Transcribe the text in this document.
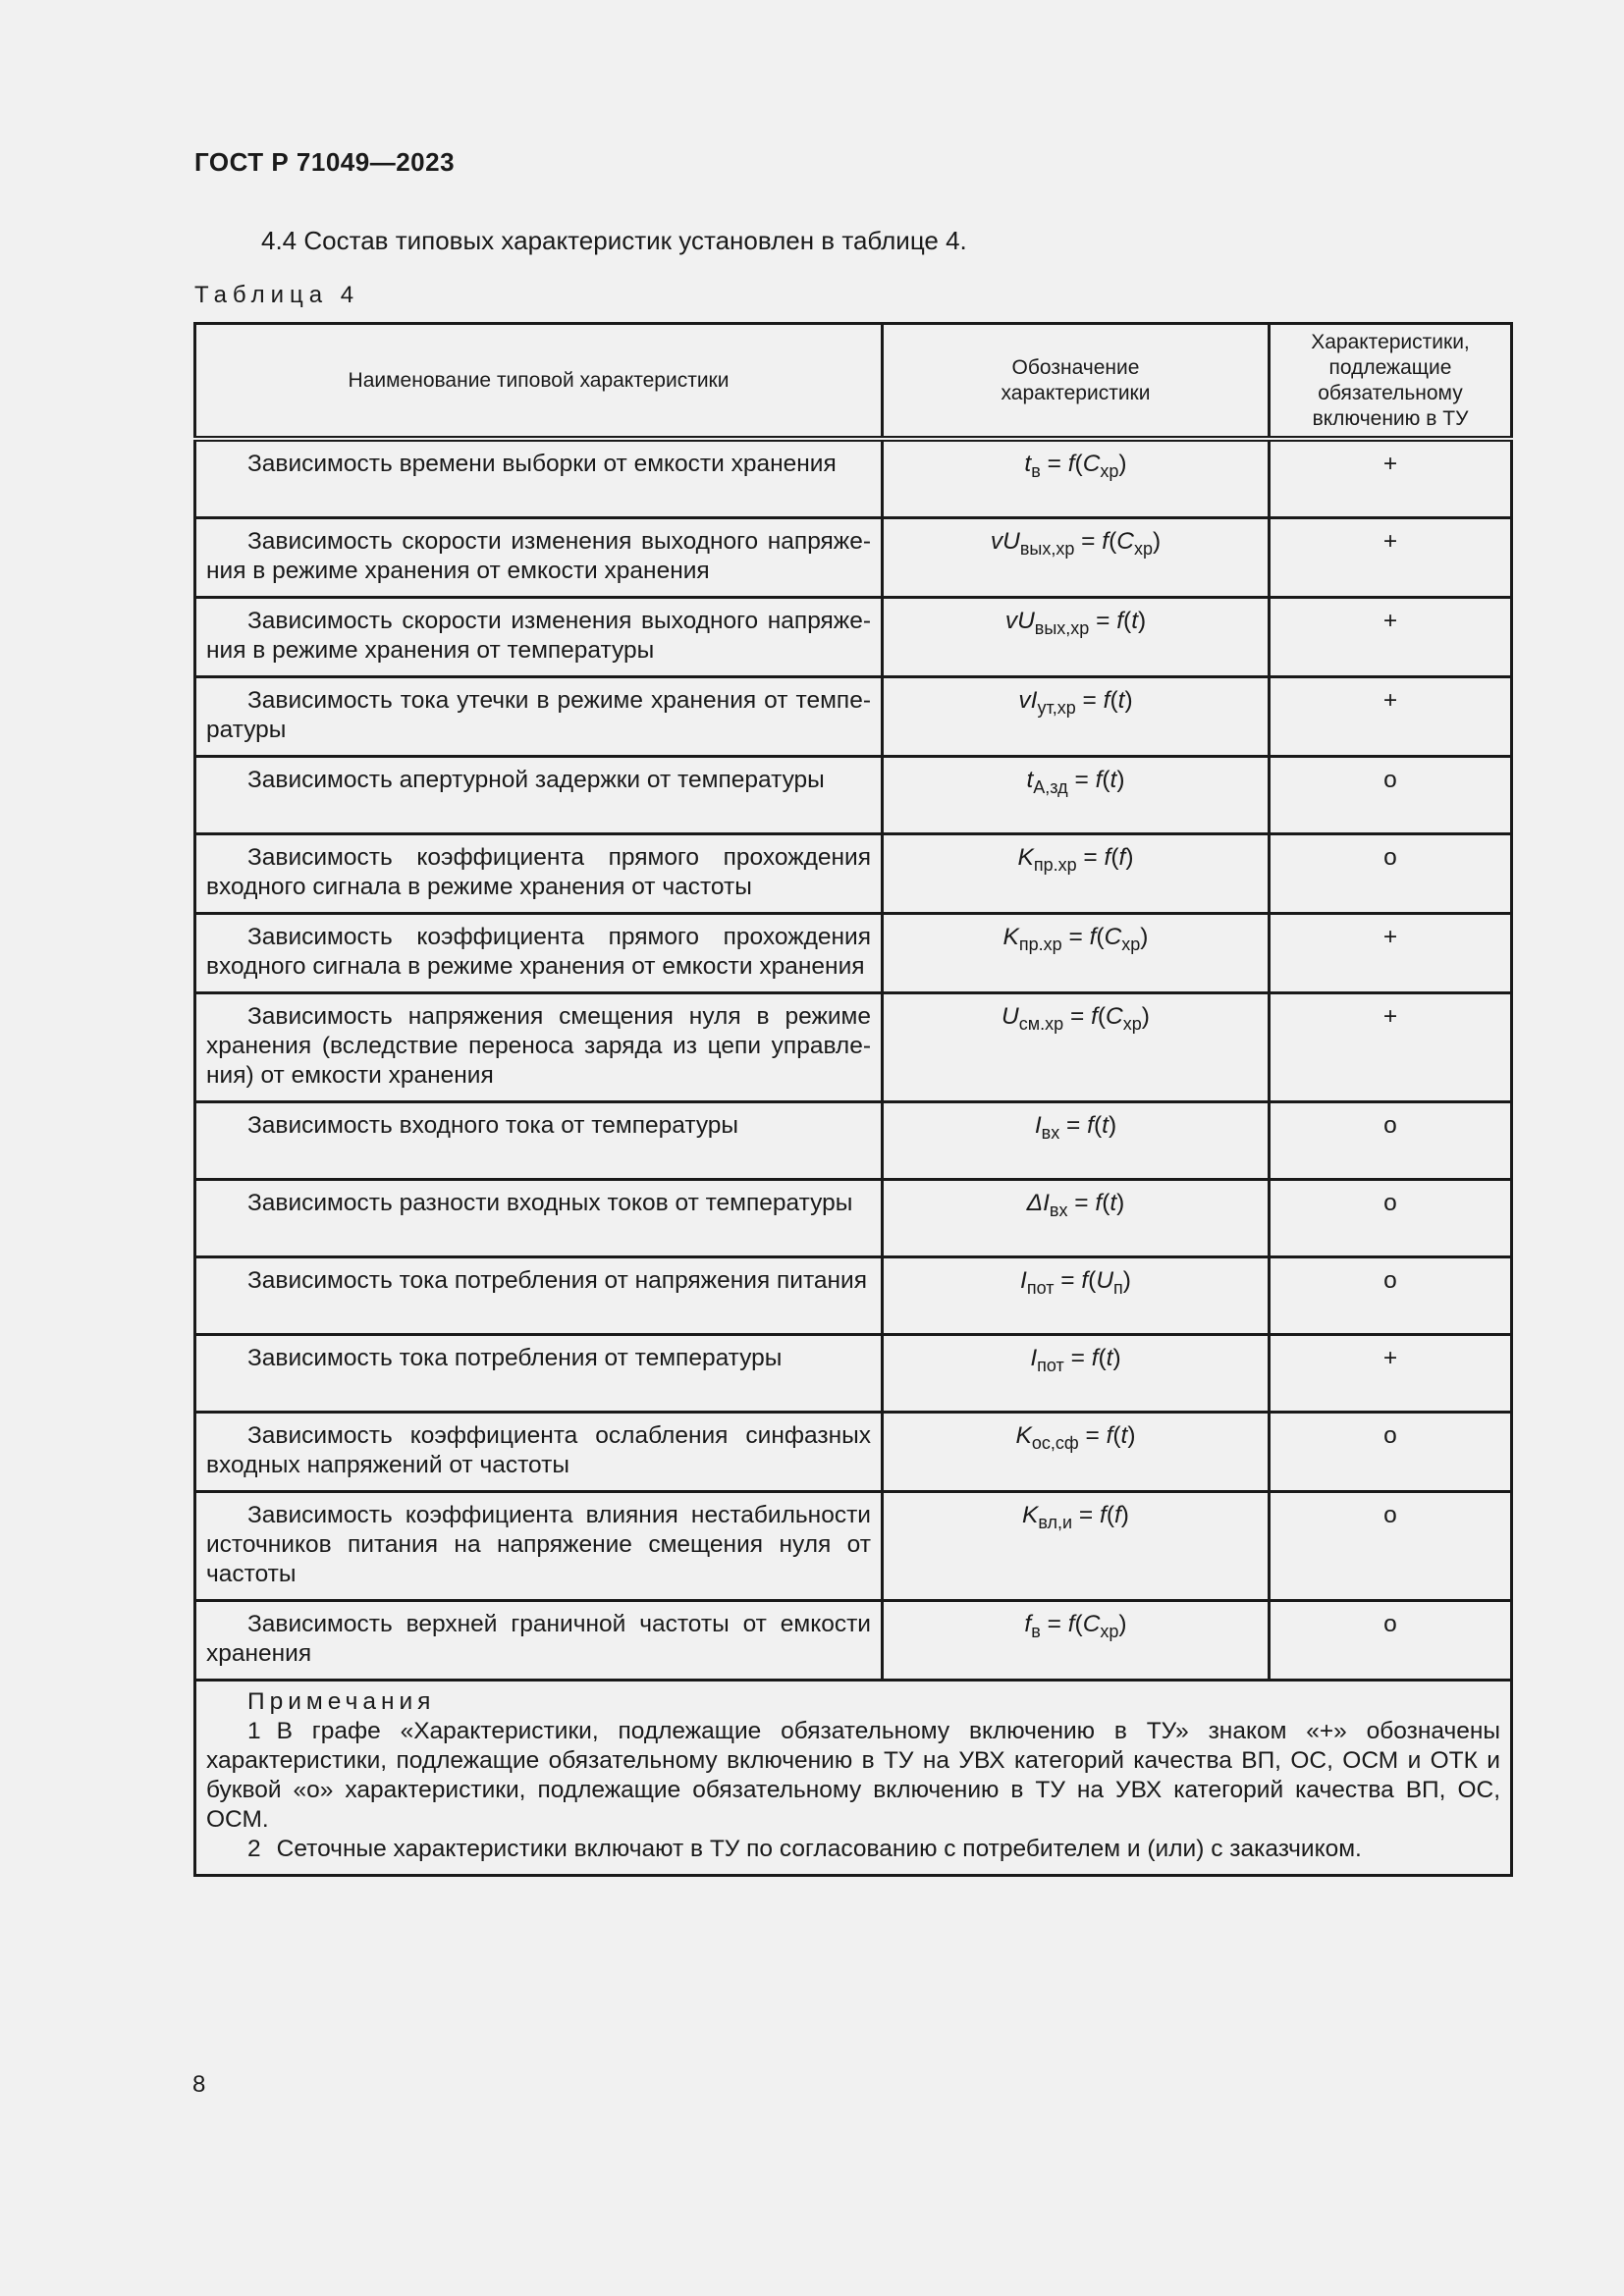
ГОСТ Р 71049—2023
4.4 Состав типовых характеристик установлен в таблице 4.
Таблица 4
Наименование типовой характеристики	Обозначение характеристики	Характеристики, подлежащие обязательному включению в ТУ
Зависимость времени выборки от емкости хранения	$t_в = f(C_{хр})$	+
Зависимость скорости изменения выходного напряжения в режиме хранения от емкости хранения	$vU_{вых,хр} = f(C_{хр})$	+
Зависимость скорости изменения выходного напряжения в режиме хранения от температуры	$vU_{вых,хр} = f(t)$	+
Зависимость тока утечки в режиме хранения от температуры	$vI_{ут,хр} = f(t)$	+
Зависимость апертурной задержки от температуры	$t_{А,зд} = f(t)$	о
Зависимость коэффициента прямого прохождения входного сигнала в режиме хранения от частоты	$K_{пр.хр} = f(f)$	о
Зависимость коэффициента прямого прохождения входного сигнала в режиме хранения от емкости хранения	$K_{пр.хр} = f(C_{хр})$	+
Зависимость напряжения смещения нуля в режиме хранения (вследствие переноса заряда из цепи управления) от емкости хранения	$U_{см.хр} = f(C_{хр})$	+
Зависимость входного тока от температуры	$I_{вх} = f(t)$	о
Зависимость разности входных токов от температуры	$\Delta I_{вх} = f(t)$	о
Зависимость тока потребления от напряжения питания	$I_{пот} = f(U_п)$	о
Зависимость тока потребления от температуры	$I_{пот} = f(t)$	+
Зависимость коэффициента ослабления синфазных входных напряжений от частоты	$K_{ос,сф} = f(t)$	о
Зависимость коэффициента влияния нестабильности источников питания на напряжение смещения нуля от частоты	$K_{вл,и} = f(f)$	о
Зависимость верхней граничной частоты от емкости хранения	$f_в = f(C_{хр})$	о

Примечания
1 В графе «Характеристики, подлежащие обязательному включению в ТУ» знаком «+» обозначены характеристики, подлежащие обязательному включению в ТУ на УВХ категорий качества ВП, ОС, ОСМ и ОТК и буквой «о» характеристики, подлежащие обязательному включению в ТУ на УВХ категорий качества ВП, ОС, ОСМ.
2 Сеточные характеристики включают в ТУ по согласованию с потребителем и (или) с заказчиком.		
8
